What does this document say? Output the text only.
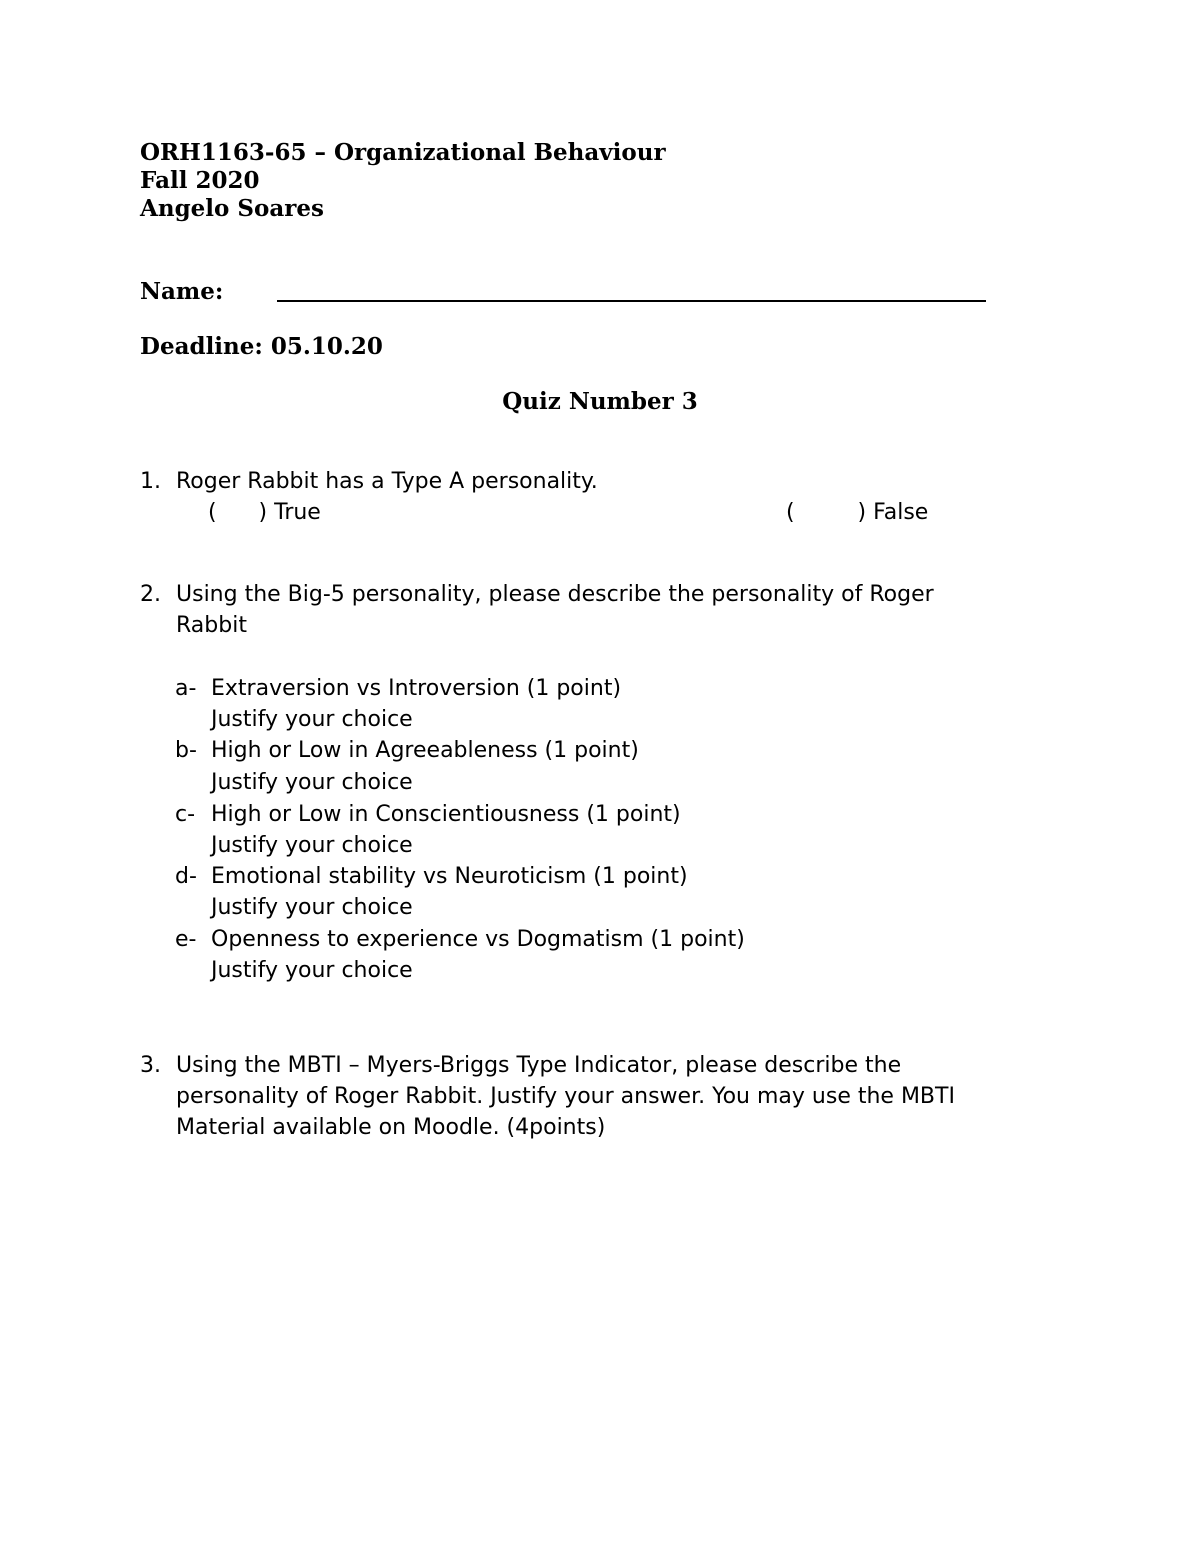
ORH1163-65 – Organizational Behaviour

Fall 2020

Angelo Soares

Name:

Deadline: 05.10.20

Quiz Number 3

1. Roger Rabbit has a Type A personality.

(      ) True	(         ) False

2. Using the Big-5 personality, please describe the personality of Roger

Rabbit

a- Extraversion vs Introversion (1 point)

Justify your choice

b- High or Low in Agreeableness (1 point)

Justify your choice

c- High or Low in Conscientiousness (1 point)

Justify your choice

d- Emotional stability vs Neuroticism (1 point)

Justify your choice

e- Openness to experience vs Dogmatism (1 point)

Justify your choice

3. Using the MBTI – Myers-Briggs Type Indicator, please describe the

personality of Roger Rabbit. Justify your answer. You may use the MBTI

Material available on Moodle. (4points)
